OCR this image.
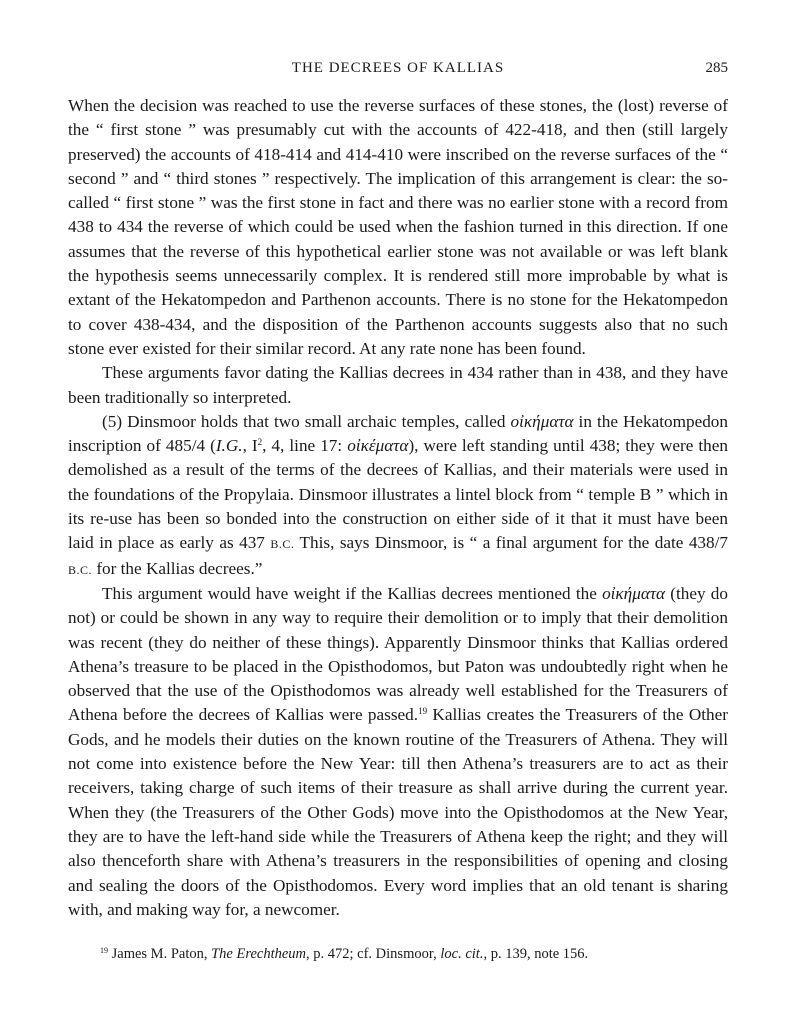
THE DECREES OF KALLIAS	285

When the decision was reached to use the reverse surfaces of these stones, the (lost) reverse of the “ first stone ” was presumably cut with the accounts of 422-418, and then (still largely preserved) the accounts of 418-414 and 414-410 were inscribed on the reverse surfaces of the “ second ” and “ third stones ” respectively. The implication of this arrangement is clear: the so-called “ first stone ” was the first stone in fact and there was no earlier stone with a record from 438 to 434 the reverse of which could be used when the fashion turned in this direction. If one assumes that the reverse of this hypothetical earlier stone was not available or was left blank the hypothesis seems unnecessarily complex. It is rendered still more improbable by what is extant of the Hekatompedon and Parthenon accounts. There is no stone for the Hekatompedon to cover 438-434, and the disposition of the Parthenon accounts suggests also that no such stone ever existed for their similar record. At any rate none has been found.

These arguments favor dating the Kallias decrees in 434 rather than in 438, and they have been traditionally so interpreted.

(5) Dinsmoor holds that two small archaic temples, called οἰκήματα in the Hekatompedon inscription of 485/4 (I.G., $I^2$, 4, line 17: οἰκέματα), were left standing until 438; they were then demolished as a result of the terms of the decrees of Kallias, and their materials were used in the foundations of the Propylaia. Dinsmoor illustrates a lintel block from “ temple B ” which in its re-use has been so bonded into the construction on either side of it that it must have been laid in place as early as 437 B.C. This, says Dinsmoor, is “ a final argument for the date 438/7 B.C. for the Kallias decrees.”

This argument would have weight if the Kallias decrees mentioned the οἰκήματα (they do not) or could be shown in any way to require their demolition or to imply that their demolition was recent (they do neither of these things). Apparently Dinsmoor thinks that Kallias ordered Athena’s treasure to be placed in the Opisthodomos, but Paton was undoubtedly right when he observed that the use of the Opisthodomos was already well established for the Treasurers of Athena before the decrees of Kallias were passed.$^{19}$ Kallias creates the Treasurers of the Other Gods, and he models their duties on the known routine of the Treasurers of Athena. They will not come into existence before the New Year: till then Athena’s treasurers are to act as their receivers, taking charge of such items of their treasure as shall arrive during the current year. When they (the Treasurers of the Other Gods) move into the Opisthodomos at the New Year, they are to have the left-hand side while the Treasurers of Athena keep the right; and they will also thenceforth share with Athena’s treasurers in the responsibilities of opening and closing and sealing the doors of the Opisthodomos. Every word implies that an old tenant is sharing with, and making way for, a newcomer.

$^{19}$ James M. Paton, The Erechtheum, p. 472; cf. Dinsmoor, loc. cit., p. 139, note 156.
